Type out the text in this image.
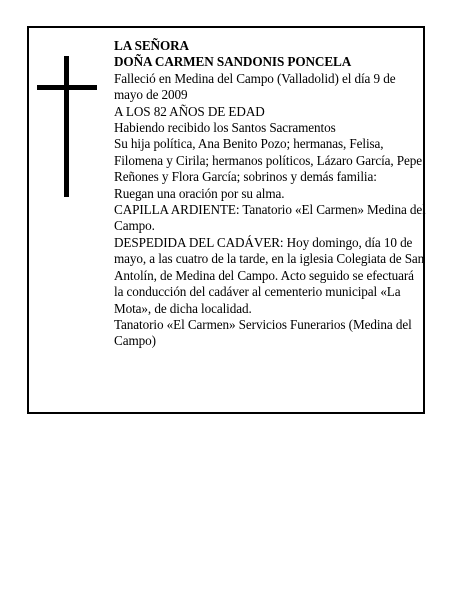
LA SEÑORA
DOÑA CARMEN SANDONIS PONCELA
Falleció en Medina del Campo (Valladolid) el día 9 de mayo de 2009
A LOS 82 AÑOS DE EDAD
Habiendo recibido los Santos Sacramentos
Su hija política, Ana Benito Pozo; hermanas, Felisa, Filomena y Cirila; hermanos políticos, Lázaro García, Pepe Reñones y Flora García; sobrinos y demás familia:
Ruegan una oración por su alma.
CAPILLA ARDIENTE: Tanatorio «El Carmen» Medina del Campo.
DESPEDIDA DEL CADÁVER: Hoy domingo, día 10 de mayo, a las cuatro de la tarde, en la iglesia Colegiata de San Antolín, de Medina del Campo. Acto seguido se efectuará la conducción del cadáver al cementerio municipal «La Mota», de dicha localidad.
Tanatorio «El Carmen» Servicios Funerarios (Medina del Campo)
